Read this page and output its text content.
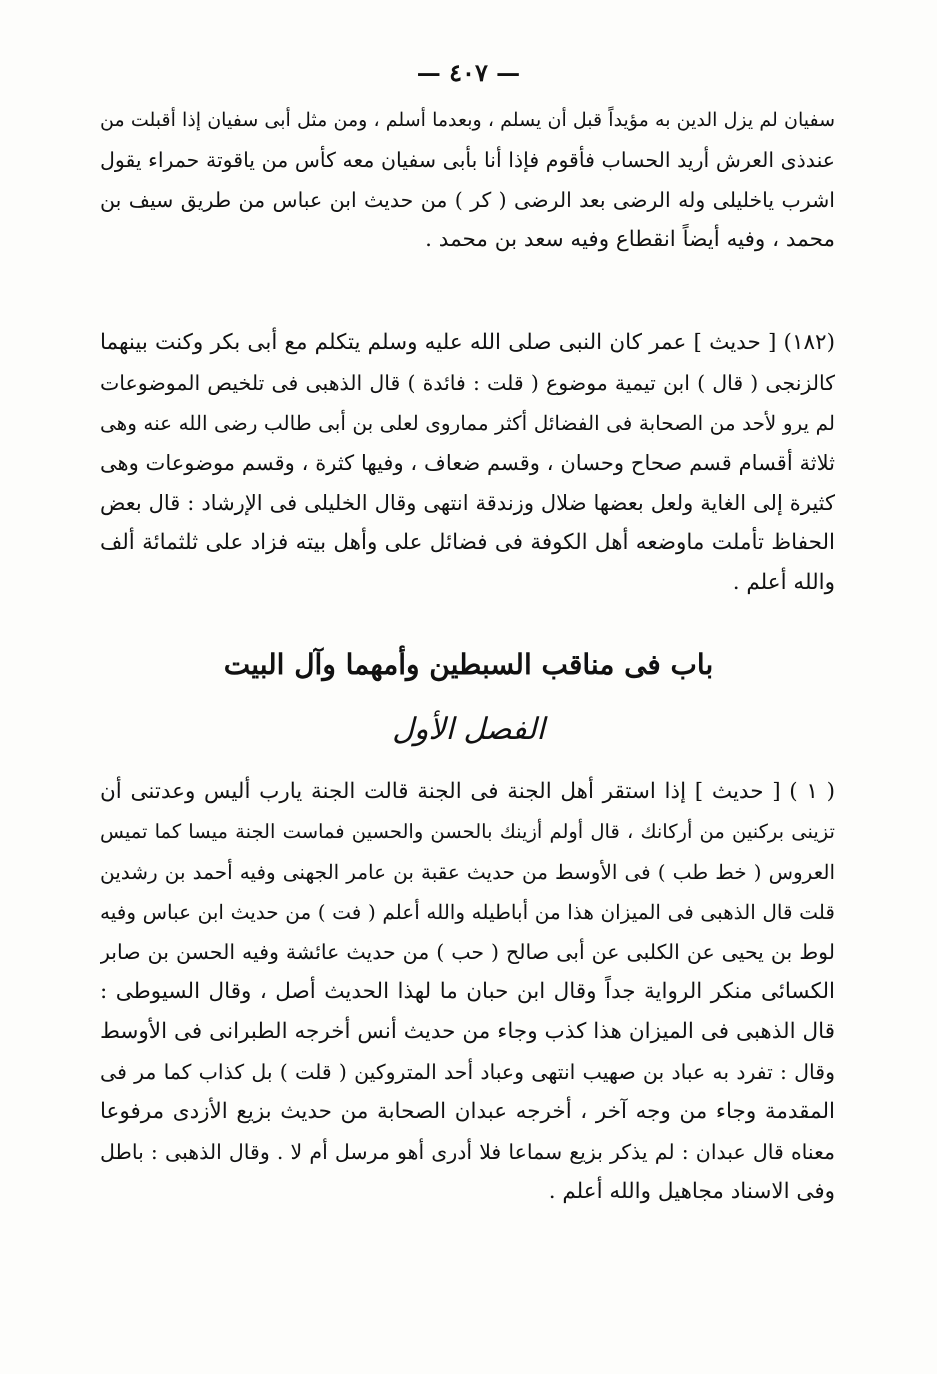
— ٤٠٧ —
سفيان لم يزل الدين به مؤيداً قبل أن يسلم ، وبعدما أسلم ، ومن مثل أبى سفيان إذا أقبلت من
عندذى العرش أريد الحساب فأقوم فإذا أنا بأبى سفيان معه كأس من ياقوتة حمراء يقول
اشرب ياخليلى وله الرضى بعد الرضى ( كر ) من حديث ابن عباس من طريق سيف بن
محمد ، وفيه أيضاً انقطاع وفيه سعد بن محمد .
(١٨٢) [ حديث ] عمر كان النبى صلى الله عليه وسلم يتكلم مع أبى بكر وكنت بينهما
كالزنجى ( قال ) ابن تيمية موضوع ( قلت : فائدة ) قال الذهبى فى تلخيص الموضوعات
لم يرو لأحد من الصحابة فى الفضائل أكثر مماروى لعلى بن أبى طالب رضى الله عنه وهى
ثلاثة أقسام قسم صحاح وحسان ، وقسم ضعاف ، وفيها كثرة ، وقسم موضوعات وهى
كثيرة إلى الغاية ولعل بعضها ضلال وزندقة انتهى وقال الخليلى فى الإرشاد : قال بعض
الحفاظ تأملت ماوضعه أهل الكوفة فى فضائل على وأهل بيته فزاد على ثلثمائة ألف
والله أعلم .
باب فى مناقب السبطين وأمهما وآل البيت
الفصل الأول
( ١ ) [ حديث ] إذا استقر أهل الجنة فى الجنة قالت الجنة يارب أليس وعدتنى أن
تزينى بركنين من أركانك ، قال أولم أزينك بالحسن والحسين فماست الجنة ميسا كما تميس
العروس ( خط طب ) فى الأوسط من حديث عقبة بن عامر الجهنى وفيه أحمد بن رشدين
قلت قال الذهبى فى الميزان هذا من أباطيله والله أعلم ( فت ) من حديث ابن عباس وفيه
لوط بن يحيى عن الكلبى عن أبى صالح ( حب ) من حديث عائشة وفيه الحسن بن صابر
الكسائى منكر الرواية جداً وقال ابن حبان ما لهذا الحديث أصل ، وقال السيوطى :
قال الذهبى فى الميزان هذا كذب وجاء من حديث أنس أخرجه الطبرانى فى الأوسط
وقال : تفرد به عباد بن صهيب انتهى وعباد أحد المتروكين ( قلت ) بل كذاب كما مر فى
المقدمة وجاء من وجه آخر ، أخرجه عبدان الصحابة من حديث بزيع الأزدى مرفوعا
معناه قال عبدان : لم يذكر بزيع سماعا فلا أدرى أهو مرسل أم لا . وقال الذهبى : باطل
وفى الاسناد مجاهيل والله أعلم .
